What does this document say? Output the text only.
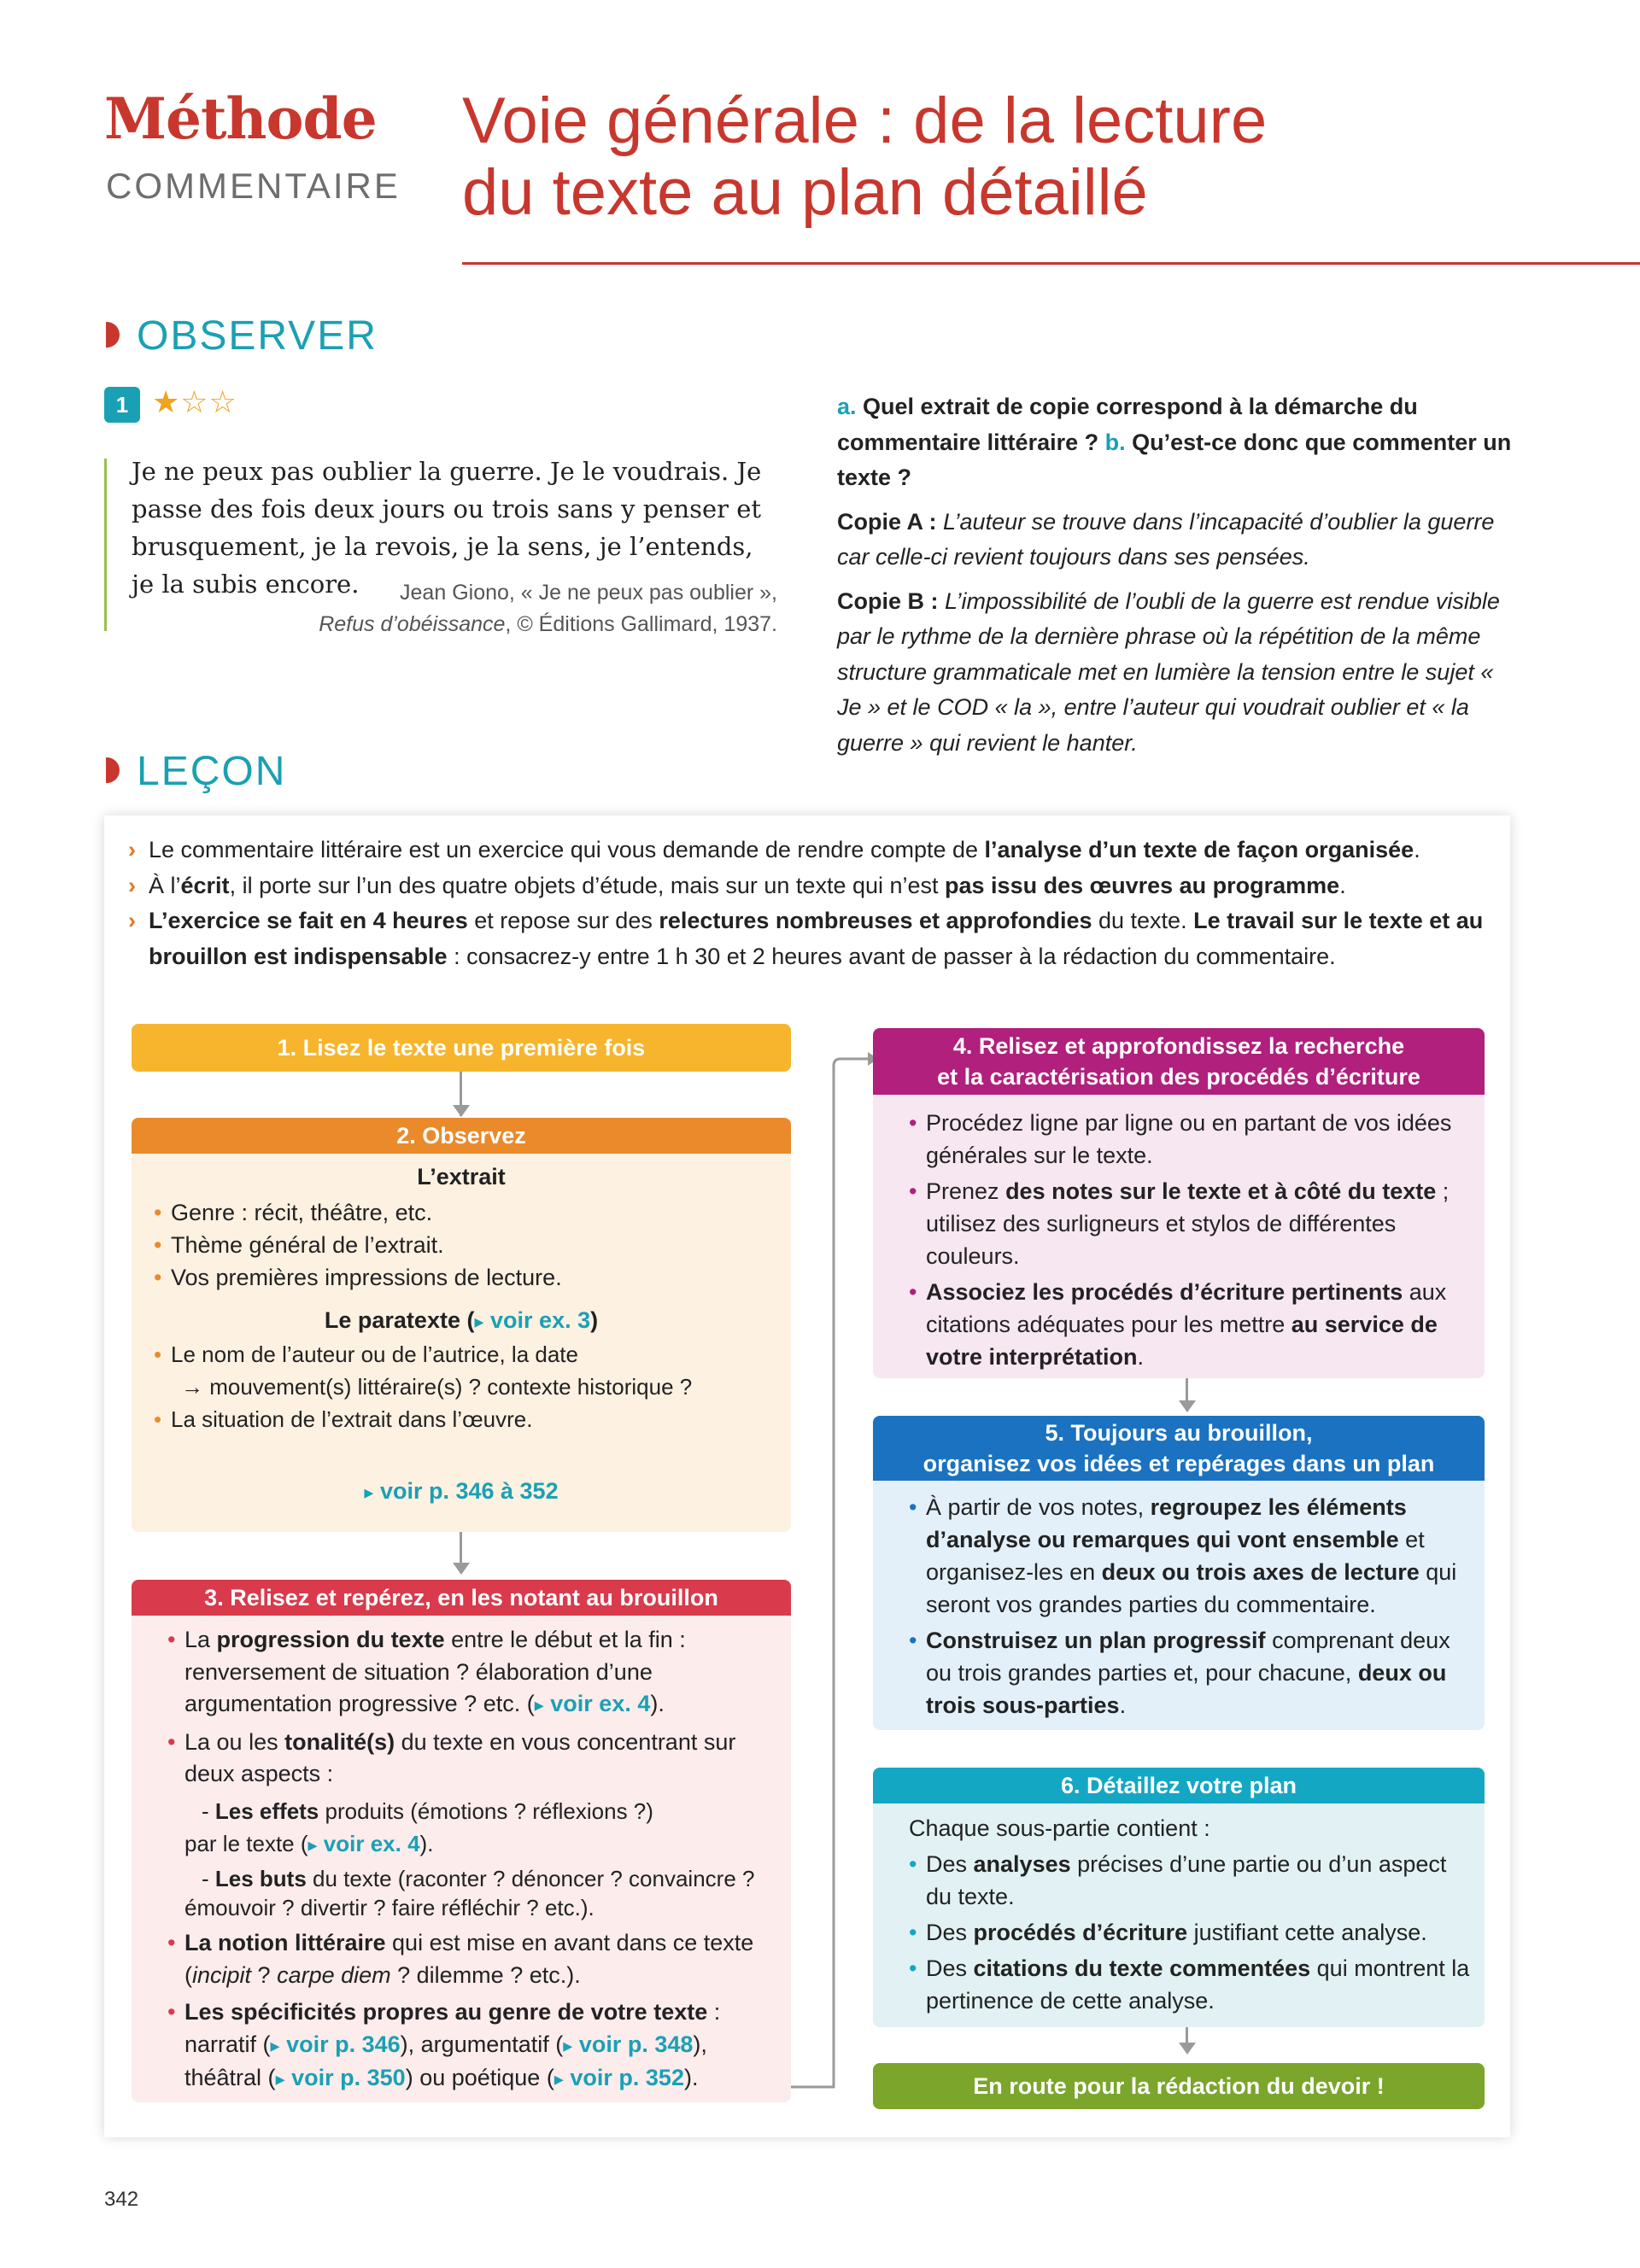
Méthode
COMMENTAIRE
Voie générale : de la lecture
du texte au plan détaillé
OBSERVER
1 ★☆☆
Je ne peux pas oublier la guerre. Je le voudrais. Je passe des fois deux jours ou trois sans y penser et brusquement, je la revois, je la sens, je l’entends, je la subis encore.	Jean Giono, « Je ne peux pas oublier »,
Refus d’obéissance, © Éditions Gallimard, 1937.

a. Quel extrait de copie correspond à la démarche du commentaire littéraire ? b. Qu’est-ce donc que commenter un texte ?

Copie A : L’auteur se trouve dans l’incapacité d’oublier la guerre car celle-ci revient toujours dans ses pensées.

Copie B : L’impossibilité de l’oubli de la guerre est rendue visible par le rythme de la dernière phrase où la répétition de la même structure grammaticale met en lumière la tension entre le sujet « Je » et le COD « la », entre l’auteur qui voudrait oublier et « la guerre » qui revient le hanter.

LEÇON
› Le commentaire littéraire est un exercice qui vous demande de rendre compte de l’analyse d’un texte de façon organisée.
› À l’écrit, il porte sur l’un des quatre objets d’étude, mais sur un texte qui n’est pas issu des œuvres au programme.
› L’exercice se fait en 4 heures et repose sur des relectures nombreuses et approfondies du texte. Le travail sur le texte et au brouillon est indispensable : consacrez-y entre 1 h 30 et 2 heures avant de passer à la rédaction du commentaire.
1. Lisez le texte une première fois
2. Observez
L’extrait
• Genre : récit, théâtre, etc.
• Thème général de l’extrait.
• Vos premières impressions de lecture.
Le paratexte (▸ voir ex. 3)
• Le nom de l’auteur ou de l’autrice, la date
→ mouvement(s) littéraire(s) ? contexte historique ?
• La situation de l’extrait dans l’œuvre.
▸ voir p. 346 à 352
3. Relisez et repérez, en les notant au brouillon
• La progression du texte entre le début et la fin : renversement de situation ? élaboration d’une argumentation progressive ? etc. (▸ voir ex. 4).
• La ou les tonalité(s) du texte en vous concentrant sur deux aspects :
- Les effets produits (émotions ? réflexions ?)
par le texte (▸ voir ex. 4).
- Les buts du texte (raconter ? dénoncer ? convaincre ?
émouvoir ? divertir ? faire réfléchir ? etc.).
• La notion littéraire qui est mise en avant dans ce texte (incipit ? carpe diem ? dilemme ? etc.).
• Les spécificités propres au genre de votre texte : narratif (▸ voir p. 346), argumentatif (▸ voir p. 348), théâtral (▸ voir p. 350) ou poétique (▸ voir p. 352).
4. Relisez et approfondissez la recherche
et la caractérisation des procédés d’écriture
• Procédez ligne par ligne ou en partant de vos idées générales sur le texte.
• Prenez des notes sur le texte et à côté du texte ; utilisez des surligneurs et stylos de différentes couleurs.
• Associez les procédés d’écriture pertinents aux citations adéquates pour les mettre au service de votre interprétation.
5. Toujours au brouillon,
organisez vos idées et repérages dans un plan
• À partir de vos notes, regroupez les éléments d’analyse ou remarques qui vont ensemble et organisez-les en deux ou trois axes de lecture qui seront vos grandes parties du commentaire.
• Construisez un plan progressif comprenant deux ou trois grandes parties et, pour chacune, deux ou trois sous-parties.
6. Détaillez votre plan
Chaque sous-partie contient :
• Des analyses précises d’une partie ou d’un aspect du texte.
• Des procédés d’écriture justifiant cette analyse.
• Des citations du texte commentées qui montrent la pertinence de cette analyse.
En route pour la rédaction du devoir !
342
